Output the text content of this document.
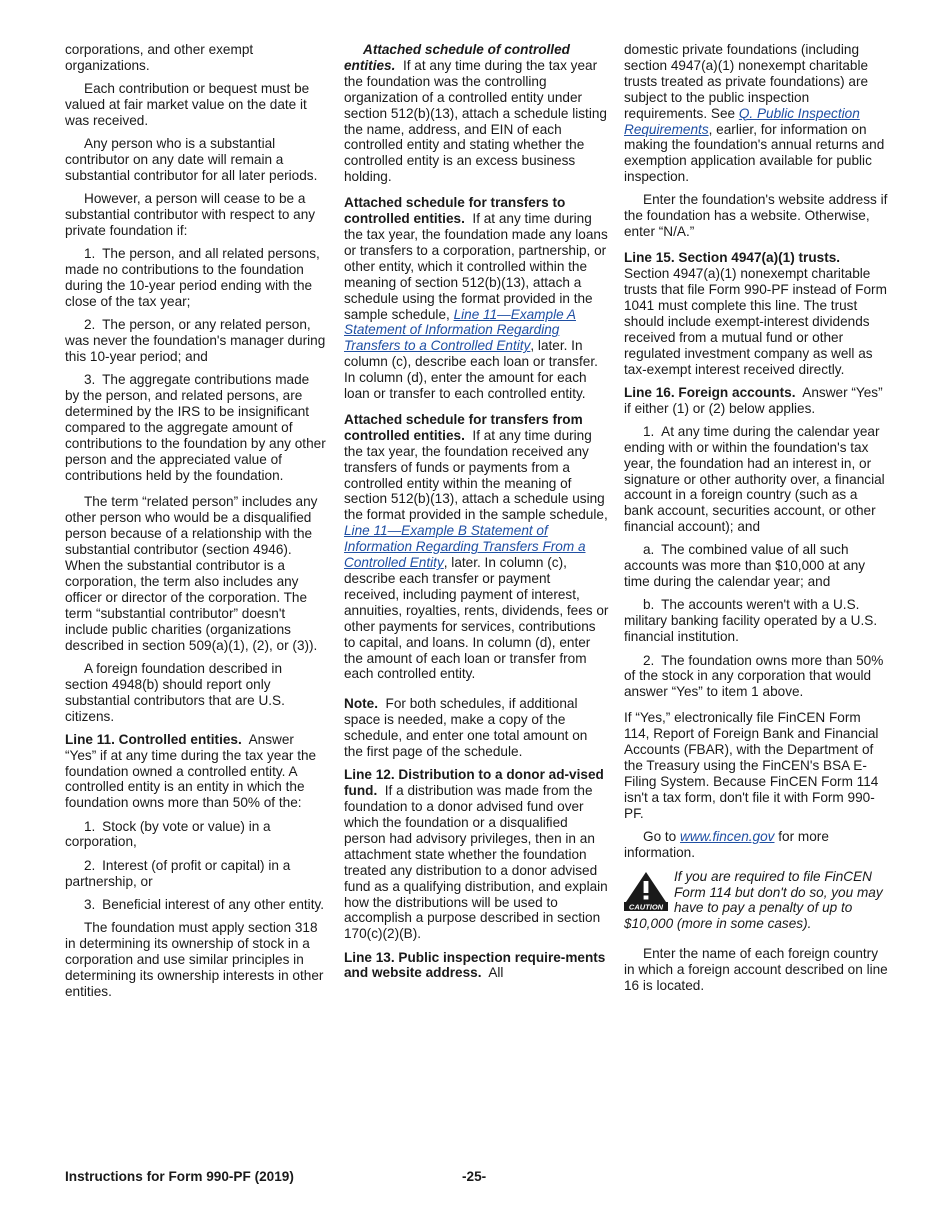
corporations, and other exempt organizations.

Each contribution or bequest must be valued at fair market value on the date it was received.

Any person who is a substantial contributor on any date will remain a substantial contributor for all later periods.

However, a person will cease to be a substantial contributor with respect to any private foundation if:

1. The person, and all related persons, made no contributions to the foundation during the 10-year period ending with the close of the tax year;

2. The person, or any related person, was never the foundation's manager during this 10-year period; and

3. The aggregate contributions made by the person, and related persons, are determined by the IRS to be insignificant compared to the aggregate amount of contributions to the foundation by any other person and the appreciated value of contributions held by the foundation.

The term “related person” includes any other person who would be a disqualified person because of a relationship with the substantial contributor (section 4946). When the substantial contributor is a corporation, the term also includes any officer or director of the corporation. The term “substantial contributor” doesn't include public charities (organizations described in section 509(a)(1), (2), or (3)).

A foreign foundation described in section 4948(b) should report only substantial contributors that are U.S. citizens.

Line 11. Controlled entities. Answer “Yes” if at any time during the tax year the foundation owned a controlled entity. A controlled entity is an entity in which the foundation owns more than 50% of the:

1. Stock (by vote or value) in a corporation,

2. Interest (of profit or capital) in a partnership, or

3. Beneficial interest of any other entity.

The foundation must apply section 318 in determining its ownership of stock in a corporation and use similar principles in determining its ownership interests in other entities.

Attached schedule of controlled entities. If at any time during the tax year the foundation was the controlling organization of a controlled entity under section 512(b)(13), attach a schedule listing the name, address, and EIN of each controlled entity and stating whether the controlled entity is an excess business holding.

Attached schedule for transfers to controlled entities. If at any time during the tax year, the foundation made any loans or transfers to a corporation, partnership, or other entity, which it controlled within the meaning of section 512(b)(13), attach a schedule using the format provided in the sample schedule, Line 11—Example A Statement of Information Regarding Transfers to a Controlled Entity, later. In column (c), describe each loan or transfer. In column (d), enter the amount for each loan or transfer to each controlled entity.

Attached schedule for transfers from controlled entities. If at any time during the tax year, the foundation received any transfers of funds or payments from a controlled entity within the meaning of section 512(b)(13), attach a schedule using the format provided in the sample schedule, Line 11—Example B Statement of Information Regarding Transfers From a Controlled Entity, later. In column (c), describe each transfer or payment received, including payment of interest, annuities, royalties, rents, dividends, fees or other payments for services, contributions to capital, and loans. In column (d), enter the amount of each loan or transfer from each controlled entity.

Note. For both schedules, if additional space is needed, make a copy of the schedule, and enter one total amount on the first page of the schedule.

Line 12. Distribution to a donor ad-vised fund. If a distribution was made from the foundation to a donor advised fund over which the foundation or a disqualified person had advisory privileges, then in an attachment state whether the foundation treated any distribution to a donor advised fund as a qualifying distribution, and explain how the distributions will be used to accomplish a purpose described in section 170(c)(2)(B).

Line 13. Public inspection require-ments and website address. All

domestic private foundations (including section 4947(a)(1) nonexempt charitable trusts treated as private foundations) are subject to the public inspection requirements. See Q. Public Inspection Requirements, earlier, for information on making the foundation's annual returns and exemption application available for public inspection.

Enter the foundation's website address if the foundation has a website. Otherwise, enter “N/A.”

Line 15. Section 4947(a)(1) trusts.
Section 4947(a)(1) nonexempt charitable trusts that file Form 990-PF instead of Form 1041 must complete this line. The trust should include exempt-interest dividends received from a mutual fund or other regulated investment company as well as tax-exempt interest received directly.

Line 16. Foreign accounts. Answer “Yes” if either (1) or (2) below applies.

1. At any time during the calendar year ending with or within the foundation's tax year, the foundation had an interest in, or signature or other authority over, a financial account in a foreign country (such as a bank account, securities account, or other financial account); and

a. The combined value of all such accounts was more than $10,000 at any time during the calendar year; and

b. The accounts weren't with a U.S. military banking facility operated by a U.S. financial institution.

2. The foundation owns more than 50% of the stock in any corporation that would answer “Yes” to item 1 above.

If “Yes,” electronically file FinCEN Form 114, Report of Foreign Bank and Financial Accounts (FBAR), with the Department of the Treasury using the FinCEN's BSA E-Filing System. Because FinCEN Form 114 isn't a tax form, don't file it with Form 990-PF.

Go to www.fincen.gov for more information.

CAUTION
If you are required to file FinCEN Form 114 but don't do so, you may have to pay a penalty of up to $10,000 (more in some cases).

Enter the name of each foreign country in which a foreign account described on line 16 is located.

Instructions for Form 990-PF (2019)	-25-
